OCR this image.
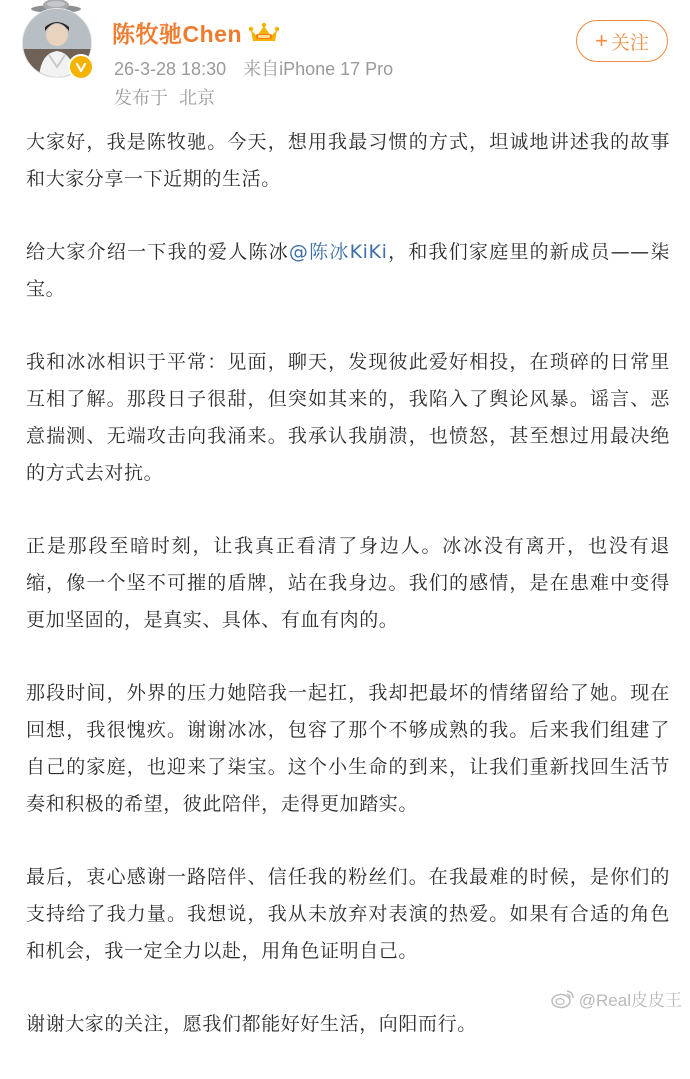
陈牧驰Chen
26-3-28 18:30 来自iPhone 17 Pro
发布于 北京
+ 关注

大家好，我是陈牧驰。今天，想用我最习惯的方式，坦诚地讲述我的故事和大家分享一下近期的生活。

给大家介绍一下我的爱人陈冰@陈冰KiKi，和我们家庭里的新成员——柒宝。

我和冰冰相识于平常：见面，聊天，发现彼此爱好相投，在琐碎的日常里互相了解。那段日子很甜，但突如其来的，我陷入了舆论风暴。谣言、恶意揣测、无端攻击向我涌来。我承认我崩溃，也愤怒，甚至想过用最决绝的方式去对抗。

正是那段至暗时刻，让我真正看清了身边人。冰冰没有离开，也没有退缩，像一个坚不可摧的盾牌，站在我身边。我们的感情，是在患难中变得更加坚固的，是真实、具体、有血有肉的。

那段时间，外界的压力她陪我一起扛，我却把最坏的情绪留给了她。现在回想，我很愧疚。谢谢冰冰，包容了那个不够成熟的我。后来我们组建了自己的家庭，也迎来了柒宝。这个小生命的到来，让我们重新找回生活节奏和积极的希望，彼此陪伴，走得更加踏实。

最后，衷心感谢一路陪伴、信任我的粉丝们。在我最难的时候，是你们的支持给了我力量。我想说，我从未放弃对表演的热爱。如果有合适的角色和机会，我一定全力以赴，用角色证明自己。

谢谢大家的关注，愿我们都能好好生活，向阳而行。

@Real皮皮王
